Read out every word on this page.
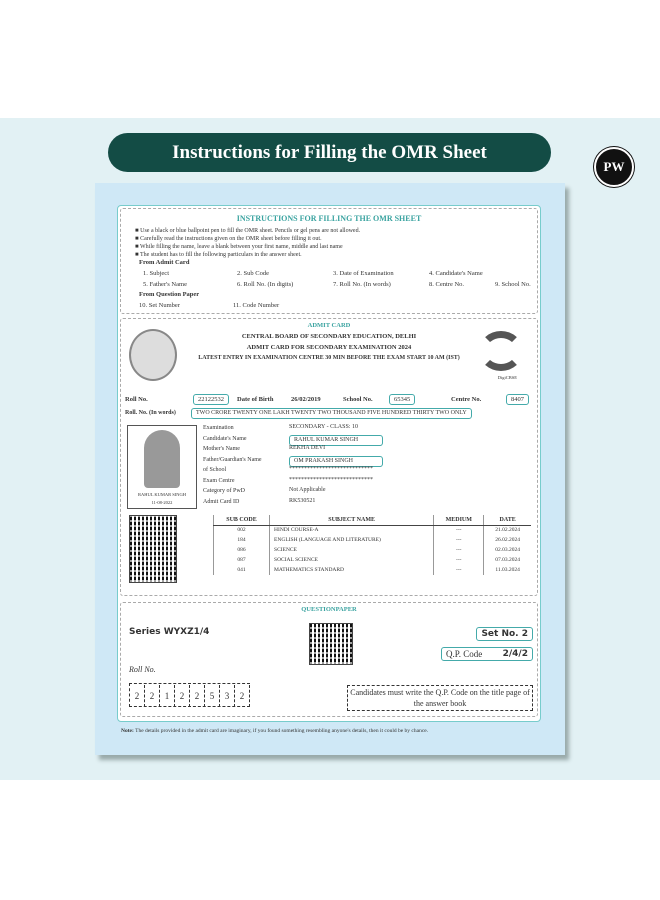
Instructions for Filling the OMR Sheet
PW
INSTRUCTIONS FOR FILLING THE OMR SHEET
■ Use a black or blue ballpoint pen to fill the OMR sheet. Pencils or gel pens are not allowed.
■ Carefully read the instructions given on the OMR sheet before filling it out.
■ While filling the name, leave a blank between your first name, middle and last name
■ The student has to fill the following particulars in the answer sheet.
From Admit Card
1. Subject	2. Sub Code	3. Date of Examination	4. Candidate's Name
5. Father's Name	6. Roll No. (In digits)	7. Roll No. (In words)	8. Centre No.	9. School No.
From Question Paper
10. Set Number	11. Code Number
ADMIT CARD
CENTRAL BOARD OF SECONDARY EDUCATION, DELHI
ADMIT CARD FOR SECONDARY EXAMINATION 2024
LATEST ENTRY IN EXAMINATION CENTRE 30 MIN BEFORE THE EXAM START 10 AM (IST)
DigiCBSE
Roll No.	22122532	Date of Birth	26/02/2019	School No.	65345	Centre No.	8407
Roll. No. (In words)	TWO CRORE TWENTY ONE LAKH TWENTY TWO THOUSAND FIVE HUNDRED THIRTY TWO ONLY
RAHUL KUMAR SINGH
11-08-2022
Examination	SECONDARY - CLASS: 10
Candidate's Name	RAHUL KUMAR SINGH
Mother's Name	REKHA DEVI
Father/Guardian's Name	OM PRAKASH SINGH
of School	****************************
Exam Centre	****************************
Category of PwD	Not Applicable
Admit Card ID	RK530521
SUB CODE	SUBJECT NAME	MEDIUM	DATE
002	HINDI COURSE-A	---	21.02.2024
184	ENGLISH (LANGUAGE AND LITERATURE)	---	26.02.2024
086	SCIENCE	---	02.03.2024
087	SOCIAL SCIENCE	---	07.03.2024
041	MATHEMATICS STANDARD	---	11.03.2024
QUESTIONPAPER
Series WYXZ1/4	Set No. 2
Q.P. Code 2/4/2
Roll No.
2 2 1 2 2 5 3 2	Candidates must write the Q.P. Code on the title page of the answer book
Note: The details provided in the admit card are imaginary, if you found something resembling anyone's details, then it could be by chance.
